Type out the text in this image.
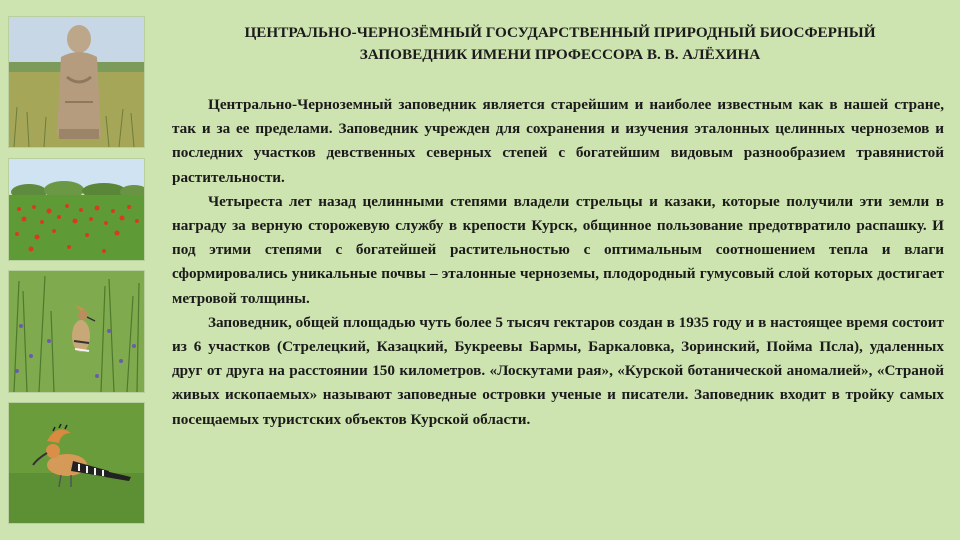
ЦЕНТРАЛЬНО-ЧЕРНОЗЁМНЫЙ ГОСУДАРСТВЕННЫЙ ПРИРОДНЫЙ БИОСФЕРНЫЙ
ЗАПОВЕДНИК ИМЕНИ ПРОФЕССОРА В. В. АЛЁХИНА

Центрально-Черноземный заповедник является старейшим и наиболее известным как в нашей стране, так и за ее пределами. Заповедник учрежден для сохранения и изучения эталонных целинных черноземов и последних участков девственных северных степей с богатейшим видовым разнообразием травянистой растительности.

Четыреста лет назад целинными степями владели стрельцы и казаки, которые получили эти земли в награду за верную сторожевую службу в крепости Курск, общинное пользование предотвратило распашку. И под этими степями с богатейшей растительностью с оптимальным соотношением тепла и влаги сформировались уникальные почвы – эталонные черноземы, плодородный гумусовый слой которых достигает метровой толщины.

Заповедник, общей площадью чуть более 5 тысяч гектаров создан в 1935 году и в настоящее время состоит из 6 участков (Стрелецкий, Казацкий, Букреевы Бармы, Баркаловка, Зоринский, Пойма Псла), удаленных друг от друга на расстоянии 150 километров. «Лоскутами рая», «Курской ботанической аномалией», «Страной живых ископаемых» называют заповедные островки ученые и писатели. Заповедник входит в тройку самых посещаемых туристских объектов Курской области.
